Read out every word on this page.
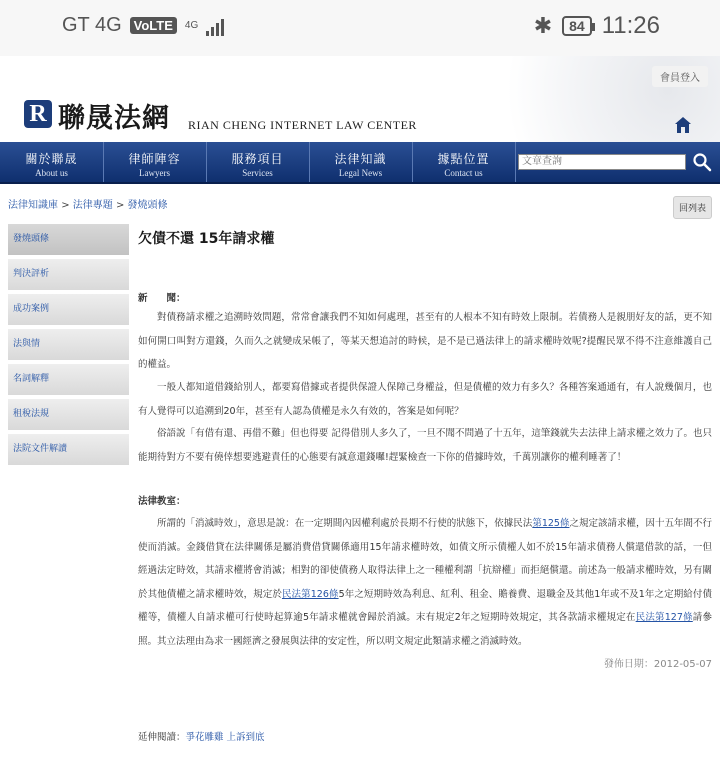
GT 4G VoLTE	4G	✱	84 11:26
會員登入
R 聯晟法網 RIAN CHENG INTERNET LAW CENTER
關於聯晟
About us
律師陣容
Lawyers
服務項目
Services
法律知識
Legal News
據點位置
Contact us
文章查詢
法律知識庫 > 法律專題 > 發燒頭條	回列表
發燒頭條
判決評析
成功案例
法與情
名詞解釋
租稅法規
法院文件解讀
欠債不還 15年請求權
新　　聞：

對債務請求權之追溯時效問題，常常會讓我們不知如何處理，甚至有的人根本不知有時效上限制。若債務人是親朋好友的話，更不知如何開口叫對方還錢，久而久之就變成呆帳了，等某天想追討的時候，是不是已過法律上的請求權時效呢?提醒民眾不得不注意維護自己的權益。

一般人都知道借錢給別人，都要寫借據或者提供保證人保障己身權益，但是債權的效力有多久？各種答案通通有，有人說幾個月，也有人覺得可以追溯到20年，甚至有人認為債權是永久有效的，答案是如何呢？

俗語說「有借有還、再借不難」但也得要 記得借別人多久了，一旦不聞不問過了十五年，這筆錢就失去法律上請求權之效力了。也只能期待對方不要有僥倖想要逃避責任的心態要有誠意還錢囉!趕緊檢查一下你的借據時效，千萬別讓你的權利睡著了！

法律教室：

所謂的「消滅時效」，意思是說：在一定期間內因權利處於長期不行使的狀態下，依據民法第125條之規定該請求權，因十五年間不行使而消滅。金錢借貸在法律關係是屬消費借貸關係適用15年請求權時效，如債文所示債權人如不於15年請求債務人償還借款的話，一但經過法定時效，其請求權將會消滅；相對的卻使債務人取得法律上之一種權利謂「抗辯權」而拒絕償還。前述為一般請求權時效，另有關於其他債權之請求權時效，規定於民法第126條5年之短期時效為利息、紅利、租金、贍養費、退職金及其他1年或不及1年之定期給付債權等，債權人自請求權可行使時起算逾5年請求權就會歸於消滅。末有規定2年之短期時效規定，其各款請求權規定在民法第127條請參照。其立法理由為求一國經濟之發展與法律的安定性，所以明文規定此類請求權之消滅時效。

發佈日期：2012-05-07
延伸閱讀：爭花雕雞 上訴到底
